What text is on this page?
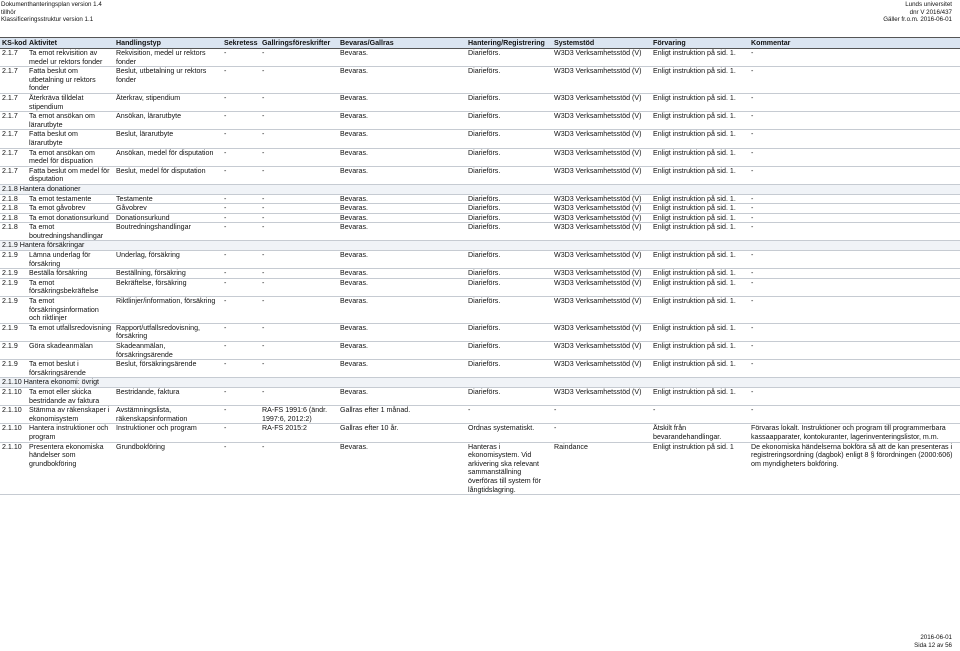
Dokumenthanteringsplan version 1.4
tillhör
Klassificeringsstruktur version 1.1
Lunds universitet
dnr V 2016/437
Gäller fr.o.m. 2016-06-01
KS-kod	Aktivitet	Handlingstyp	Sekretess	Gallringsföreskrifter	Bevaras/Gallras	Hantering/Registrering	Systemstöd	Förvaring	Kommentar
2.1.7	Ta emot rekvisition av medel ur rektors fonder	Rekvisition, medel ur rektors fonder	-	-	Bevaras.	Diarieförs.	W3D3 Verksamhetsstöd (V)	Enligt instruktion på sid. 1.	-
2.1.7	Fatta beslut om utbetalning ur rektors fonder	Beslut, utbetalning ur rektors fonder	-	-	Bevaras.	Diarieförs.	W3D3 Verksamhetsstöd (V)	Enligt instruktion på sid. 1.	-
2.1.7	Återkräva tilldelat stipendium	Återkrav, stipendium	-	-	Bevaras.	Diarieförs.	W3D3 Verksamhetsstöd (V)	Enligt instruktion på sid. 1.	-
2.1.7	Ta emot ansökan om lärarutbyte	Ansökan, lärarutbyte	-	-	Bevaras.	Diarieförs.	W3D3 Verksamhetsstöd (V)	Enligt instruktion på sid. 1.	-
2.1.7	Fatta beslut om lärarutbyte	Beslut, lärarutbyte	-	-	Bevaras.	Diarieförs.	W3D3 Verksamhetsstöd (V)	Enligt instruktion på sid. 1.	-
2.1.7	Ta emot ansökan om medel för dispuation	Ansökan, medel för disputation	-	-	Bevaras.	Diarieförs.	W3D3 Verksamhetsstöd (V)	Enligt instruktion på sid. 1.	-
2.1.7	Fatta beslut om medel för disputation	Beslut, medel för disputation	-	-	Bevaras.	Diarieförs.	W3D3 Verksamhetsstöd (V)	Enligt instruktion på sid. 1.	-
2.1.8 Hantera donationer									
2.1.8	Ta emot testamente	Testamente	-	-	Bevaras.	Diarieförs.	W3D3 Verksamhetsstöd (V)	Enligt instruktion på sid. 1.	-
2.1.8	Ta emot gåvobrev	Gåvobrev	-	-	Bevaras.	Diarieförs.	W3D3 Verksamhetsstöd (V)	Enligt instruktion på sid. 1.	-
2.1.8	Ta emot donationsurkund	Donationsurkund	-	-	Bevaras.	Diarieförs.	W3D3 Verksamhetsstöd (V)	Enligt instruktion på sid. 1.	-
2.1.8	Ta emot boutredningshandlingar	Boutredningshandlingar	-	-	Bevaras.	Diarieförs.	W3D3 Verksamhetsstöd (V)	Enligt instruktion på sid. 1.	-
2.1.9 Hantera försäkringar									
2.1.9	Lämna underlag för försäkring	Underlag, försäkring	-	-	Bevaras.	Diarieförs.	W3D3 Verksamhetsstöd (V)	Enligt instruktion på sid. 1.	-
2.1.9	Beställa försäkring	Beställning, försäkring	-	-	Bevaras.	Diarieförs.	W3D3 Verksamhetsstöd (V)	Enligt instruktion på sid. 1.	-
2.1.9	Ta emot försäkringsbekräftelse	Bekräftelse, försäkring	-	-	Bevaras.	Diarieförs.	W3D3 Verksamhetsstöd (V)	Enligt instruktion på sid. 1.	-
2.1.9	Ta emot försäkringsinformation och riktlinjer	Riktlinjer/information, försäkring	-	-	Bevaras.	Diarieförs.	W3D3 Verksamhetsstöd (V)	Enligt instruktion på sid. 1.	-
2.1.9	Ta emot utfallsredovisning	Rapport/utfallsredovisning, försäkring	-	-	Bevaras.	Diarieförs.	W3D3 Verksamhetsstöd (V)	Enligt instruktion på sid. 1.	-
2.1.9	Göra skadeanmälan	Skadeanmälan, försäkringsärende	-	-	Bevaras.	Diarieförs.	W3D3 Verksamhetsstöd (V)	Enligt instruktion på sid. 1.	-
2.1.9	Ta emot beslut i försäkringsärende	Beslut, försäkringsärende	-	-	Bevaras.	Diarieförs.	W3D3 Verksamhetsstöd (V)	Enligt instruktion på sid. 1.	-
2.1.10 Hantera ekonomi: övrigt									
2.1.10	Ta emot eller skicka bestridande av faktura	Bestridande, faktura	-	-	Bevaras.	Diarieförs.	W3D3 Verksamhetsstöd (V)	Enligt instruktion på sid. 1.	-
2.1.10	Stämma av räkenskaper i ekonomisystem	Avstämningslista, räkenskapsinformation	-	RA-FS 1991:6 (ändr. 1997:6, 2012:2)	Gallras efter 1 månad.	-	-	-	-
2.1.10	Hantera instruktioner och program	Instruktioner och program	-	RA-FS 2015:2	Gallras efter 10 år.	Ordnas systematiskt.	-	Åtskilt från bevarandehandlingar.	Förvaras lokalt. Instruktioner och program till programmerbara kassaapparater, kontokuranter, lagerinventeringslistor, m.m.
2.1.10	Presentera ekonomiska händelser som grundbokföring	Grundbokföring	-	-	Bevaras.	Hanteras i ekonomisystem. Vid arkivering ska relevant sammanställning överföras till system för långtidslagring.	Raindance	Enligt instruktion på sid. 1	De ekonomiska händelserna bokföra så att de kan presenteras i registreringsordning (dagbok) enligt 8 § förordningen (2000:606) om myndigheters bokföring.
2016-06-01
Sida 12 av 56
